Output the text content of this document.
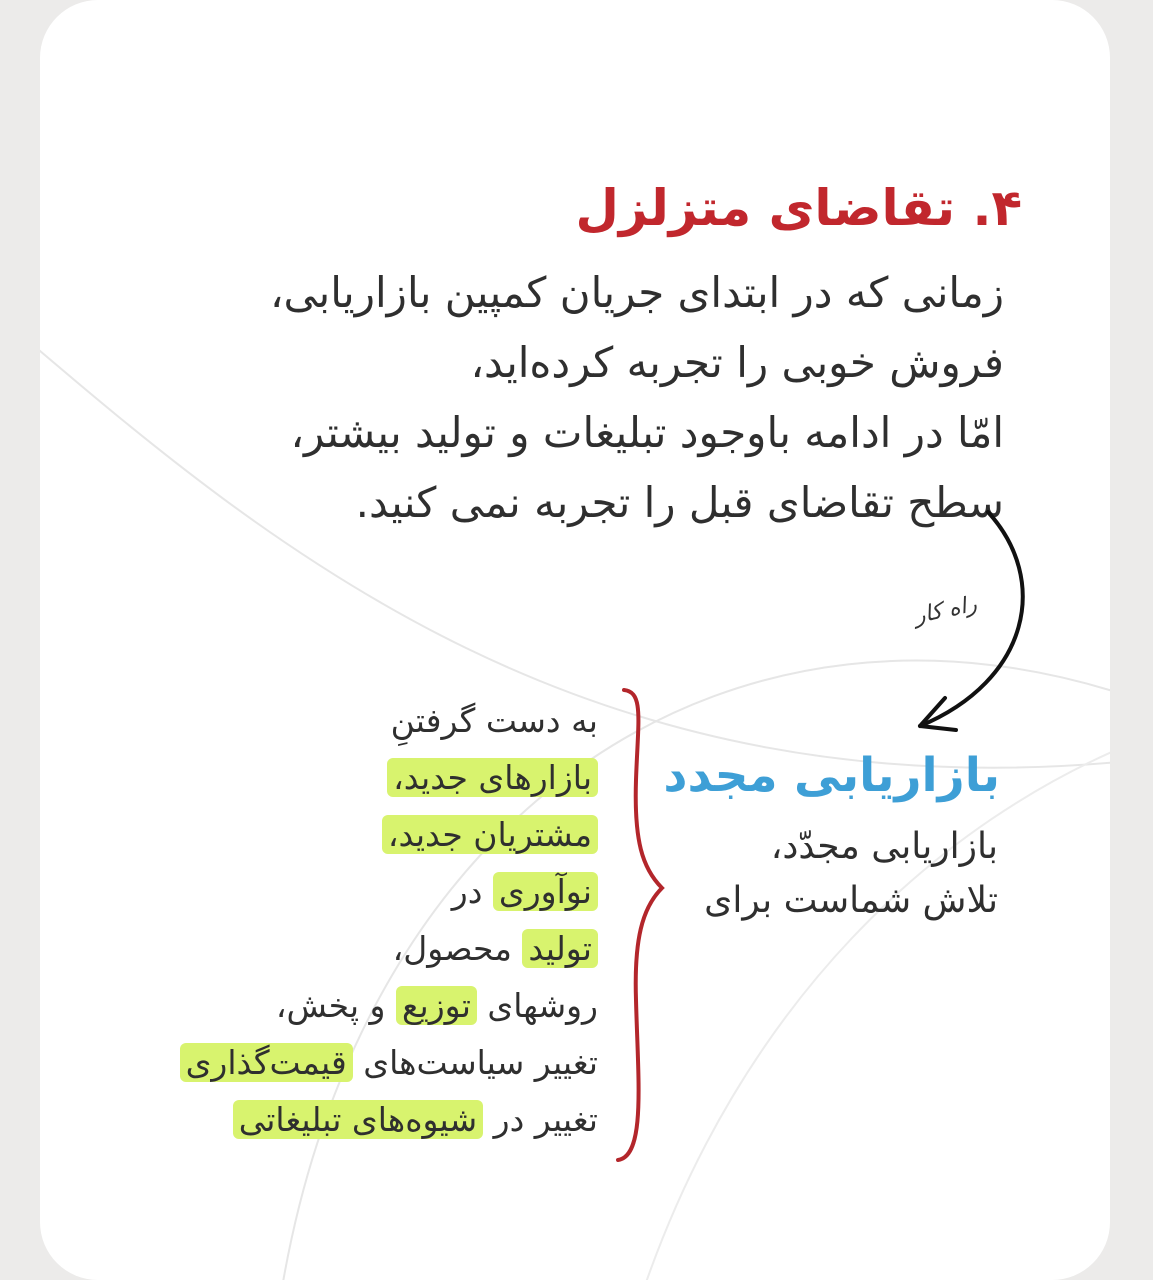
۴. تقاضای متزلزل
زمانی که در ابتدای جریان کمپین بازاریابی،
فروش خوبی را تجربه کرده‌اید،
امّا در ادامه باوجود تبلیغات و تولید بیشتر،
سطح تقاضای قبل را تجربه نمی کنید.
راه کار
بازاریابی مجدد
بازاریابی مجدّد،
تلاش شماست برای
به دست گرفتنِ
بازارهای جدید،
مشتریان جدید،
نوآوری در
تولید محصول،
روشهای توزیع و پخش،
تغییر سیاست‌های قیمت‌گذاری
تغییر در شیوه‌های تبلیغاتی
